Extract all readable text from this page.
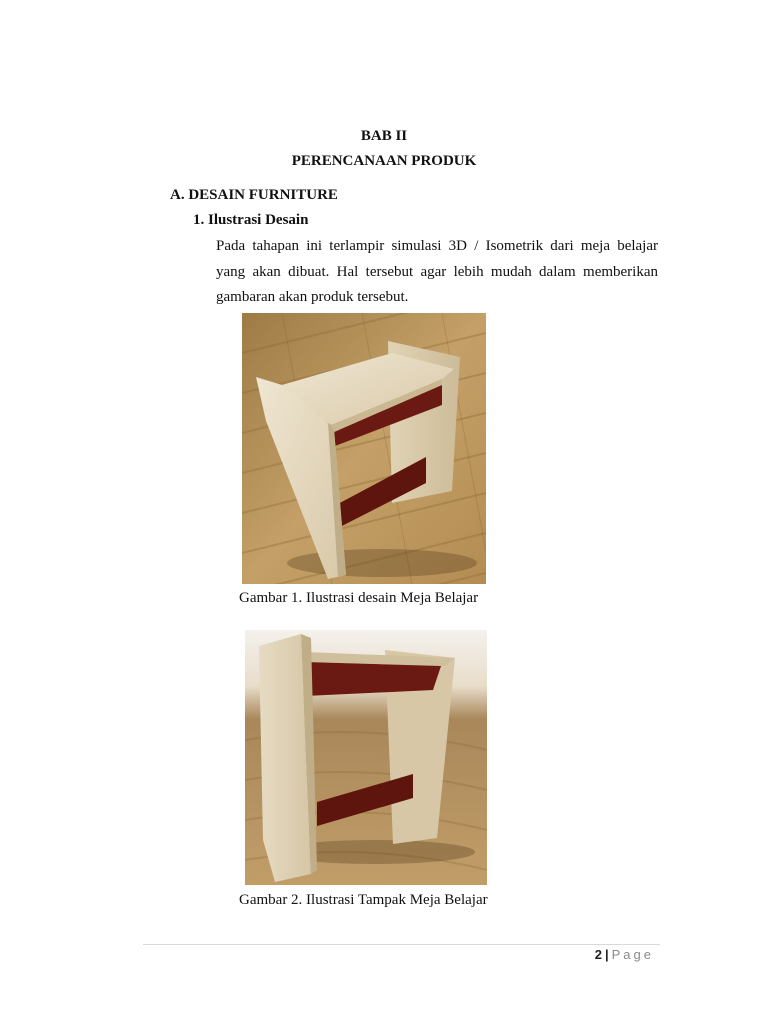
BAB II
PERENCANAAN PRODUK
A. DESAIN FURNITURE
1. Ilustrasi Desain
Pada tahapan ini terlampir simulasi 3D / Isometrik dari meja belajar
yang akan dibuat. Hal tersebut agar lebih mudah dalam memberikan
gambaran akan produk tersebut.
Gambar 1. Ilustrasi desain Meja Belajar
Gambar 2. Ilustrasi Tampak Meja Belajar
2 | Page
